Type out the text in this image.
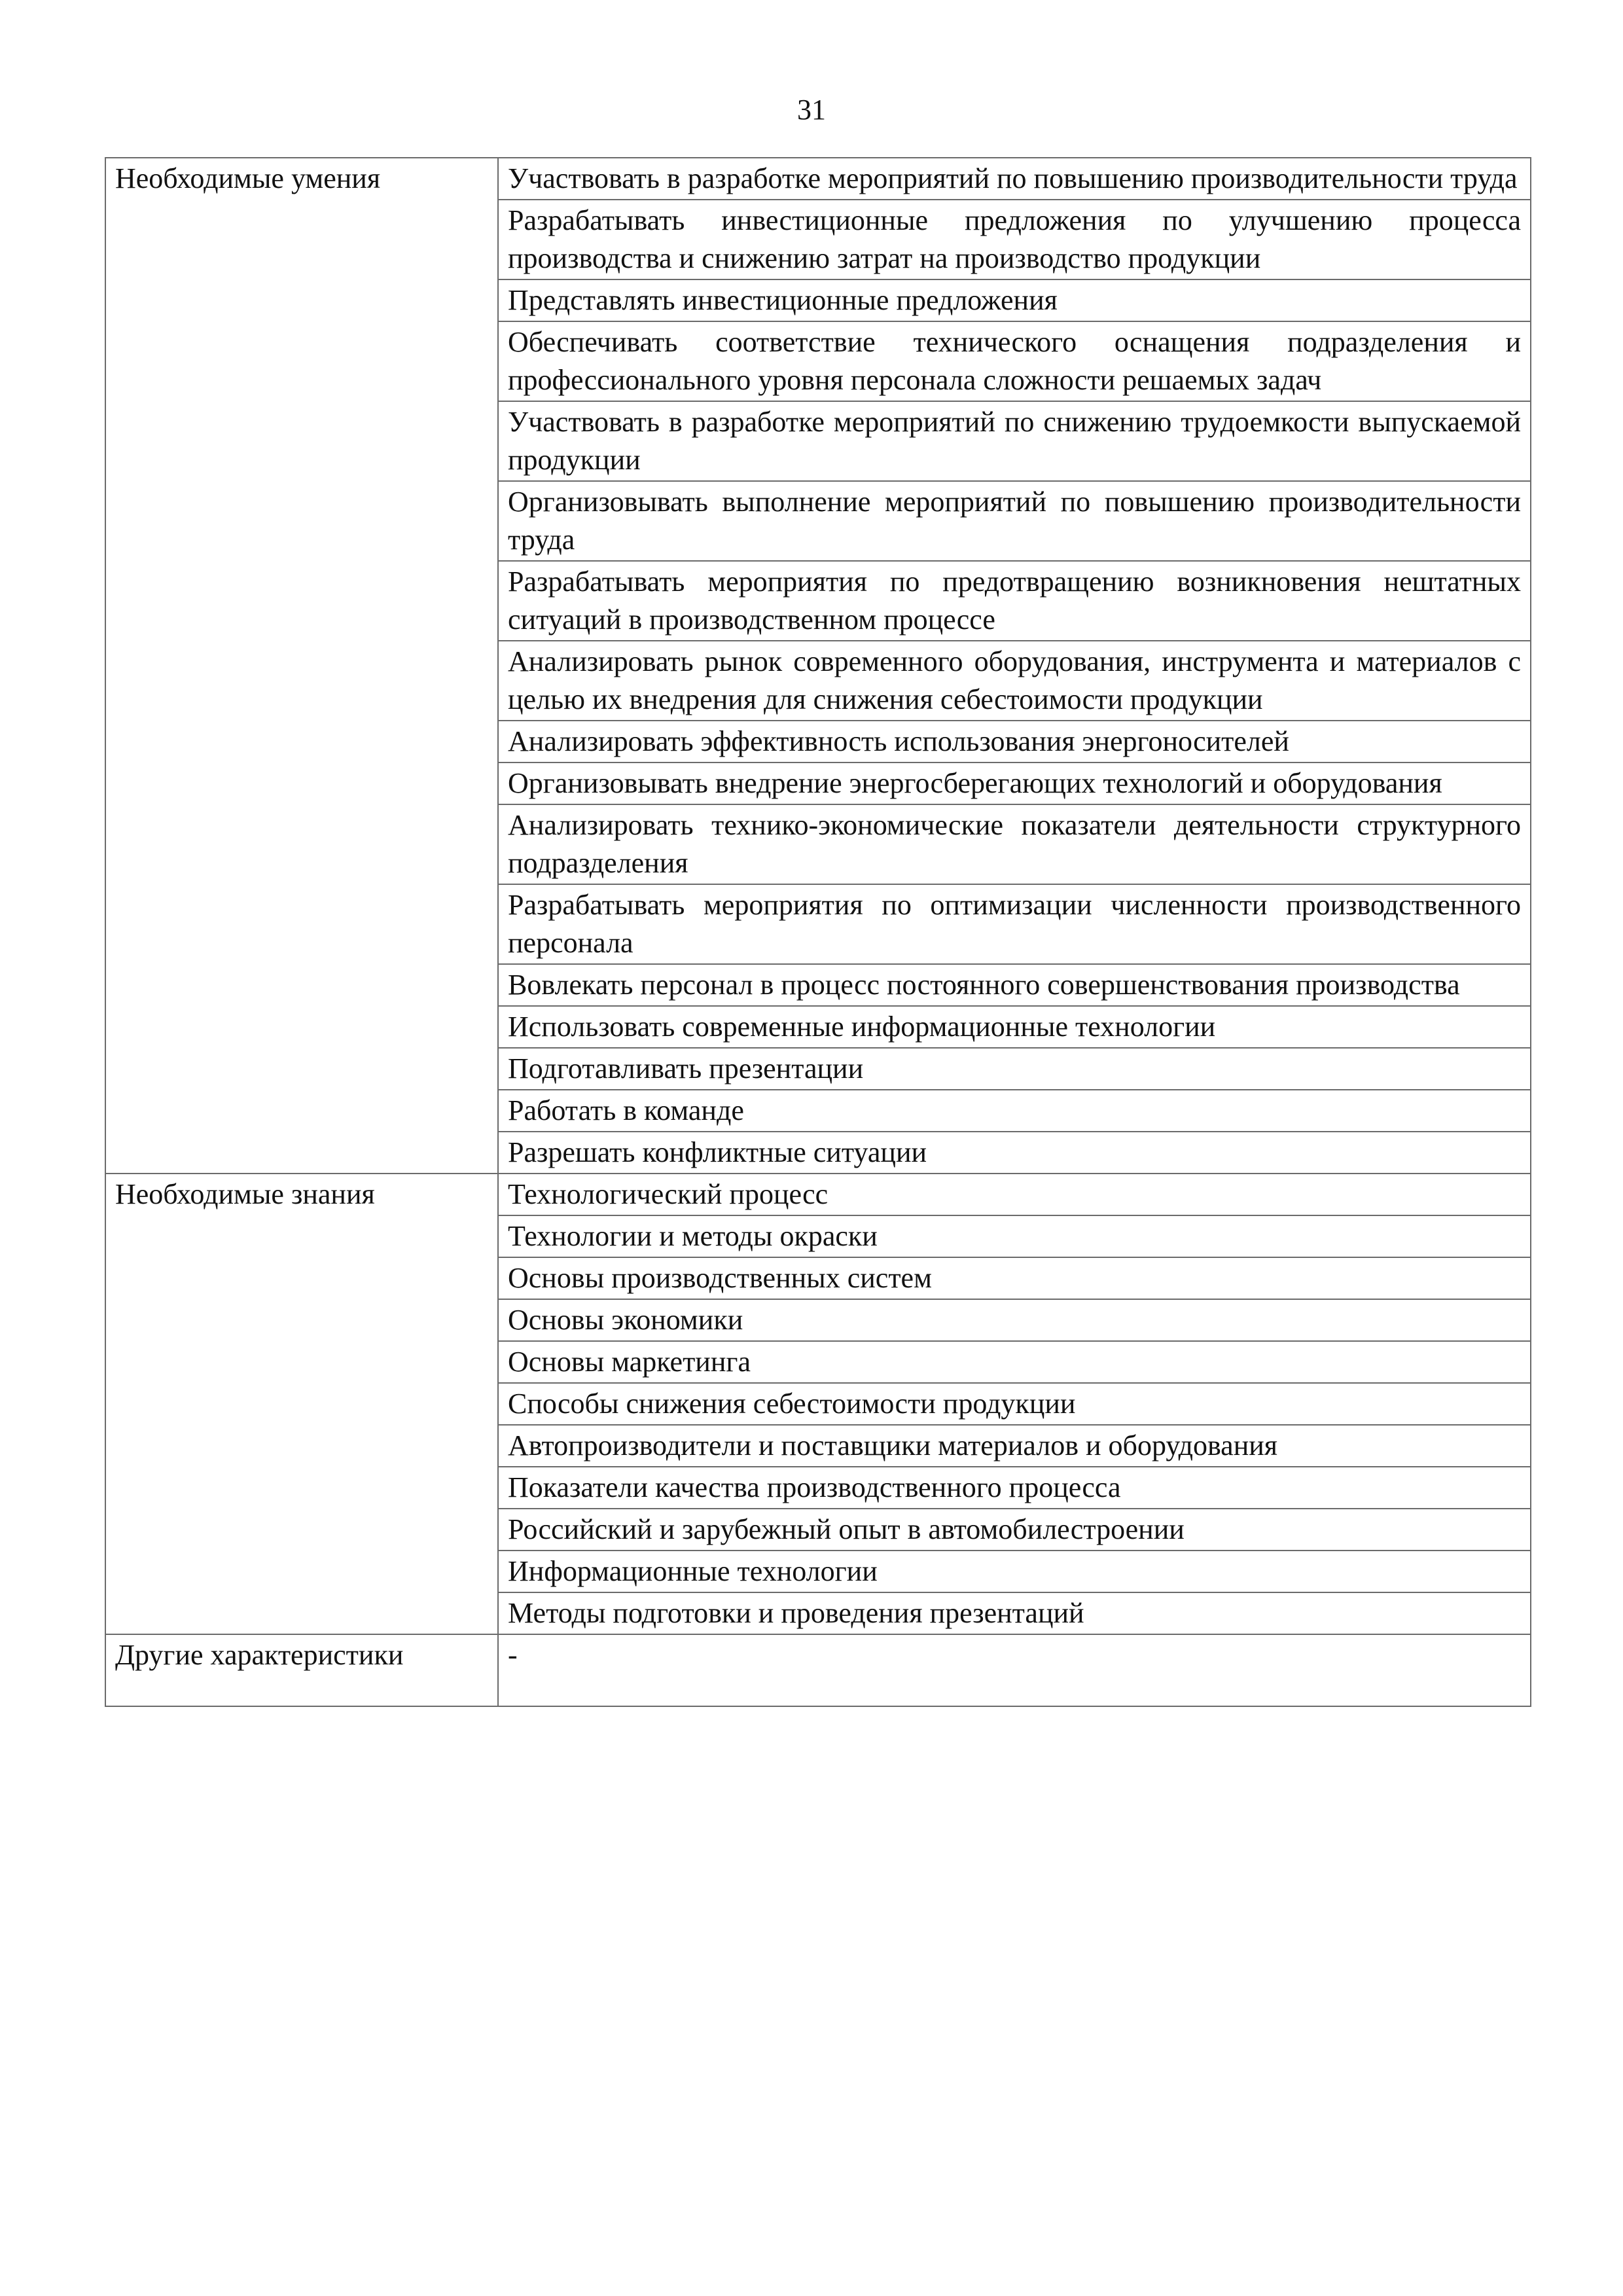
31
Необходимые умения	Участвовать в разработке мероприятий по повышению производительности труда
	Разрабатывать инвестиционные предложения по улучшению процесса производства и снижению затрат на производство продукции
	Представлять инвестиционные предложения
	Обеспечивать соответствие технического оснащения подразделения и профессионального уровня персонала сложности решаемых задач
	Участвовать в разработке мероприятий по снижению трудоемкости выпускаемой продукции
	Организовывать выполнение мероприятий по повышению производительности труда
	Разрабатывать мероприятия по предотвращению возникновения нештатных ситуаций в производственном процессе
	Анализировать рынок современного оборудования, инструмента и материалов с целью их внедрения для снижения себестоимости продукции
	Анализировать эффективность использования энергоносителей
	Организовывать внедрение энергосберегающих технологий и оборудования
	Анализировать технико-экономические показатели деятельности структурного подразделения
	Разрабатывать мероприятия по оптимизации численности производственного персонала
	Вовлекать персонал в процесс постоянного совершенствования производства
	Использовать современные информационные технологии
	Подготавливать презентации
	Работать в команде
	Разрешать конфликтные ситуации
Необходимые знания	Технологический процесс
	Технологии и методы окраски
	Основы производственных систем
	Основы экономики
	Основы маркетинга
	Способы снижения себестоимости продукции
	Автопроизводители и поставщики материалов и оборудования
	Показатели качества производственного процесса
	Российский и зарубежный опыт в автомобилестроении
	Информационные технологии
	Методы подготовки и проведения презентаций
Другие характеристики	-
